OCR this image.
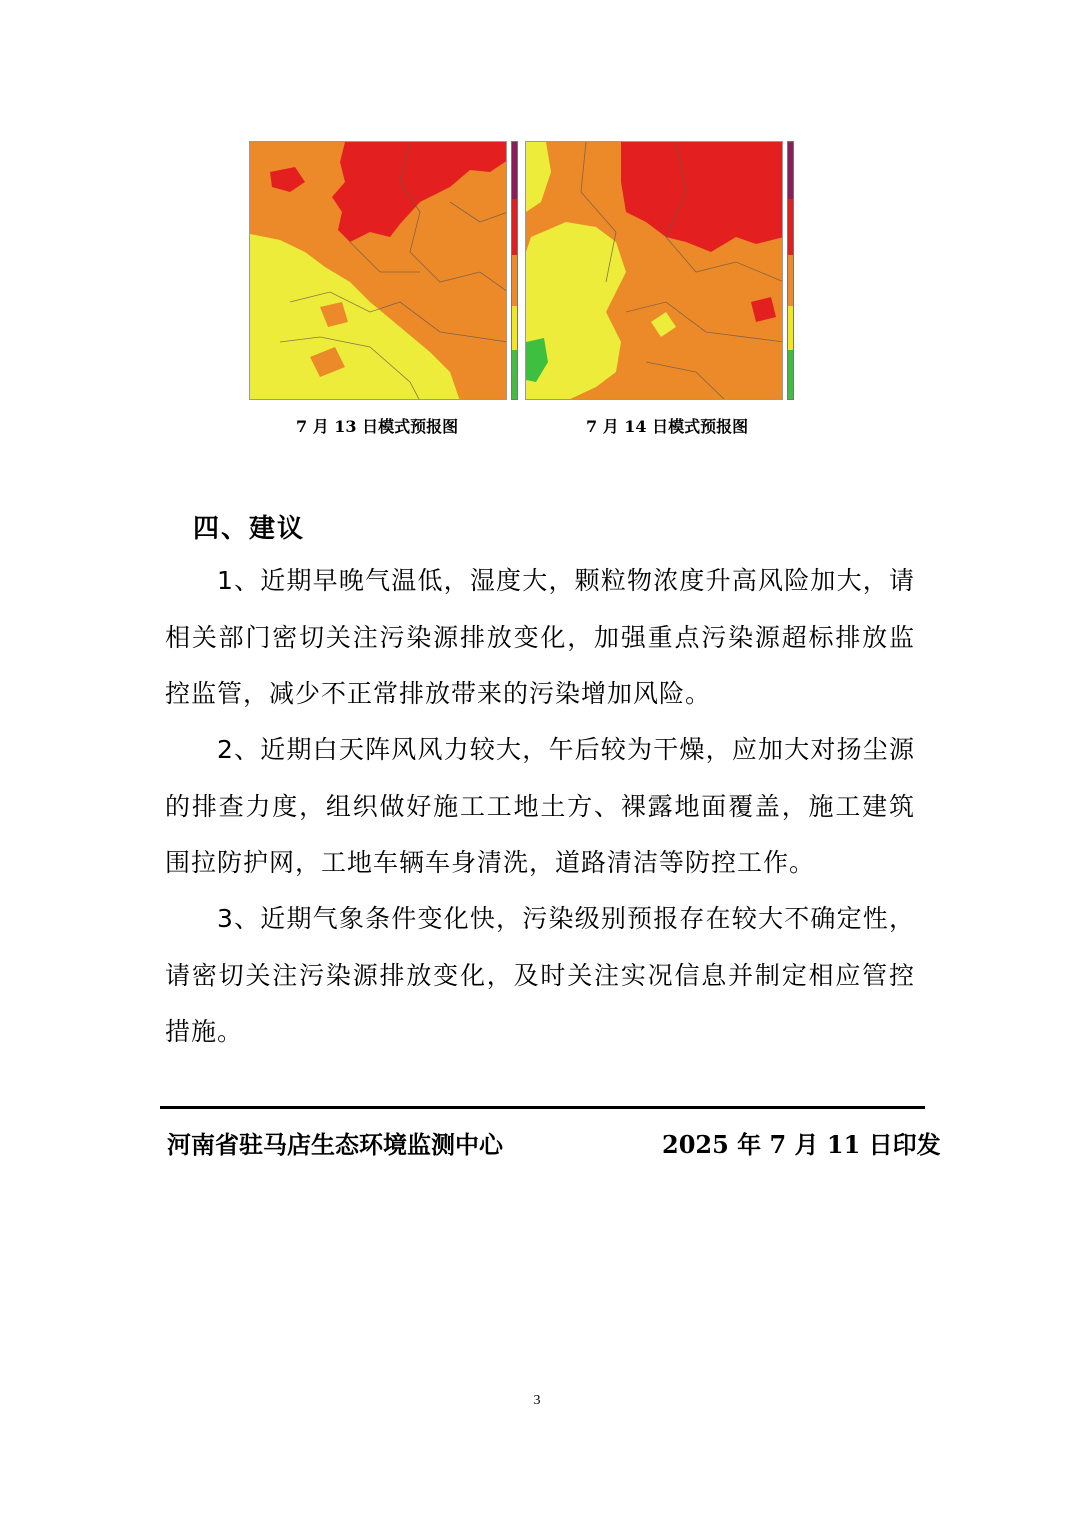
7 月 13 日模式预报图	7 月 14 日模式预报图
四、建议
1、近期早晚气温低，湿度大，颗粒物浓度升高风险加大，请相关部门密切关注污染源排放变化，加强重点污染源超标排放监控监管，减少不正常排放带来的污染增加风险。
2、近期白天阵风风力较大，午后较为干燥，应加大对扬尘源的排查力度，组织做好施工工地土方、裸露地面覆盖，施工建筑围拉防护网，工地车辆车身清洗，道路清洁等防控工作。
3、近期气象条件变化快，污染级别预报存在较大不确定性，请密切关注污染源排放变化，及时关注实况信息并制定相应管控措施。
河南省驻马店生态环境监测中心	2025 年 7 月 11 日印发
3
